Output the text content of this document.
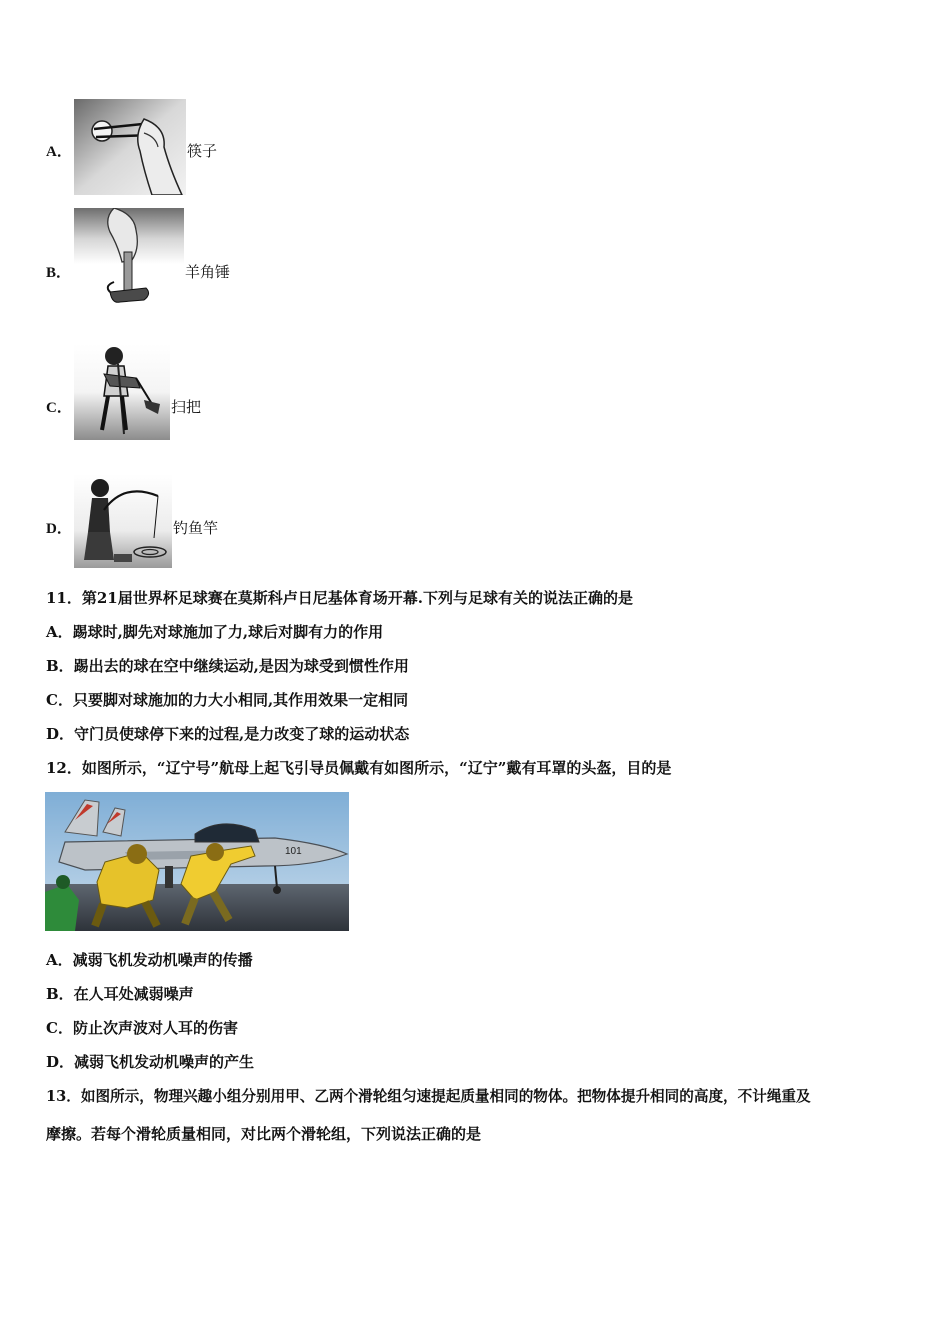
A．	筷子
B．	羊角锤
C．	扫把
D．	钓鱼竿
11．第21届世界杯足球赛在莫斯科卢日尼基体育场开幕.下列与足球有关的说法正确的是
A．踢球时,脚先对球施加了力,球后对脚有力的作用
B．踢出去的球在空中继续运动,是因为球受到惯性作用
C．只要脚对球施加的力大小相同,其作用效果一定相同
D．守门员使球停下来的过程,是力改变了球的运动状态
12．如图所示，“辽宁号”航母上起飞引导员佩戴有如图所示，“辽宁”戴有耳罩的头盔，目的是
101
A．减弱飞机发动机噪声的传播
B．在人耳处减弱噪声
C．防止次声波对人耳的伤害
D．减弱飞机发动机噪声的产生
13．如图所示，物理兴趣小组分别用甲、乙两个滑轮组匀速提起质量相同的物体。把物体提升相同的高度，不计绳重及
摩擦。若每个滑轮质量相同，对比两个滑轮组，下列说法正确的是
